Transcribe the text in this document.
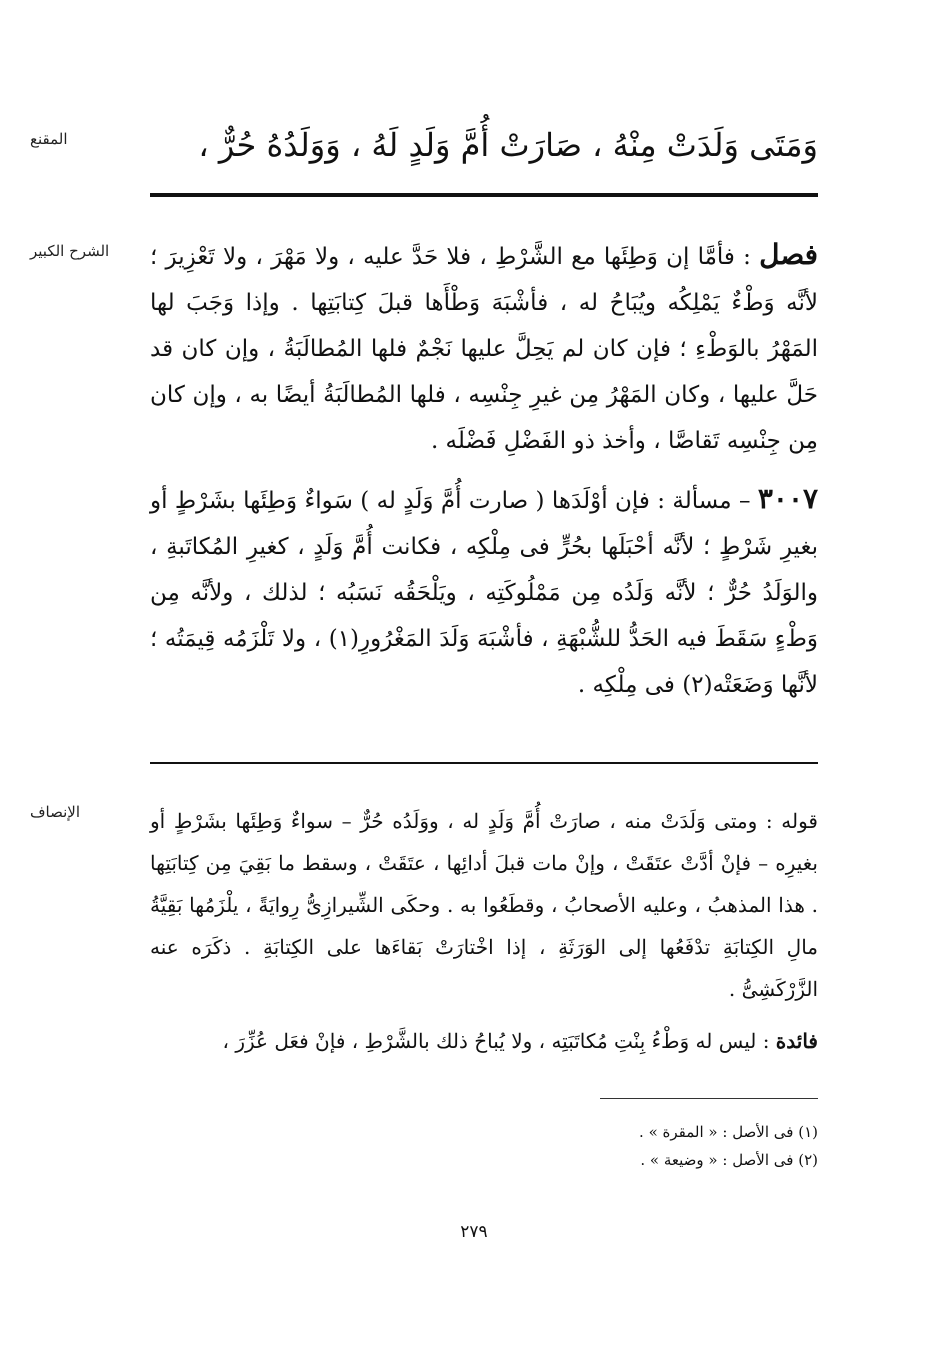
المقنع	وَمَتَى وَلَدَتْ مِنْهُ ، صَارَتْ أُمَّ وَلَدٍ لَهُ ، وَوَلَدُهُ حُرٌّ ،
الشرح الكبير	فصل : فأمَّا إن وَطِئَها مع الشَّرْطِ ، فلا حَدَّ عليه ، ولا مَهْرَ ، ولا تَعْزِيرَ ؛ لأنَّه وَطْءٌ يَمْلِكُه ويُبَاحُ له ، فأشْبَهَ وَطْأَها قبلَ كِتابَتِها . وإذا وَجَبَ لها المَهْرُ بالوَطْءِ ؛ فإن كان لم يَحِلَّ عليها نَجْمٌ فلها المُطالَبَةُ ، وإن كان قد حَلَّ عليها ، وكان المَهْرُ مِن غيرِ جِنْسِه ، فلها المُطالَبَةُ أيضًا به ، وإن كان مِن جِنْسِه تَقاصَّا ، وأخذ ذو الفَضْلِ فَضْلَه .

٣٠٠٧ – مسألة : فإن أوْلَدَها ( صارت أُمَّ وَلَدٍ له ) سَواءٌ وَطِئَها بشَرْطٍ أو بغيرِ شَرْطٍ ؛ لأنَّه أحْبَلَها بحُرٍّ فى مِلْكِه ، فكانت أُمَّ وَلَدٍ ، كغيرِ المُكاتَبةِ ، والوَلَدُ حُرٌّ ؛ لأنَّه وَلَدُه مِن مَمْلُوكَتِه ، ويَلْحَقُه نَسَبُه ؛ لذلك ، ولأنَّه مِن وَطْءٍ سَقَطَ فيه الحَدُّ للشُّبْهَةِ ، فأشْبَهَ وَلَدَ المَغْرُورِ(١) ، ولا تَلْزَمُه قِيمَتُه ؛ لأنَّها وَضَعَتْه(٢) فى مِلْكِه .

الإنصاف	قوله : ومتى وَلَدَتْ منه ، صارَتْ أُمَّ وَلَدٍ له ، ووَلَدُه حُرٌّ – سواءٌ وَطِئَها بشَرْطٍ أو بغيرِه – فإنْ أدَّتْ عتَقَتْ ، وإنْ مات قبلَ أدائِها ، عتَقَتْ ، وسقط ما بَقِيَ مِن كِتابَتِها . هذا المذهبُ ، وعليه الأصحابُ ، وقطَعُوا به . وحكَى الشِّيرازِىُّ رِوايَةً ، يلْزَمُها بَقِيَّةُ مالِ الكِتابَةِ تدْفَعُها إلى الوَرَثَةِ ، إذا اخْتارَتْ بَقاءَها على الكِتابَةِ . ذكَرَه عنه الزَّرْكَشِىُّ .

فائدة : ليس له وَطْءُ بِنْتِ مُكاتَبَتِه ، ولا يُباحُ ذلك بالشَّرْطِ ، فإنْ فعَل عُزِّرَ ،

(١) فى الأصل : « المقرة » .
(٢) فى الأصل : « وضيعة » .
٢٧٩
